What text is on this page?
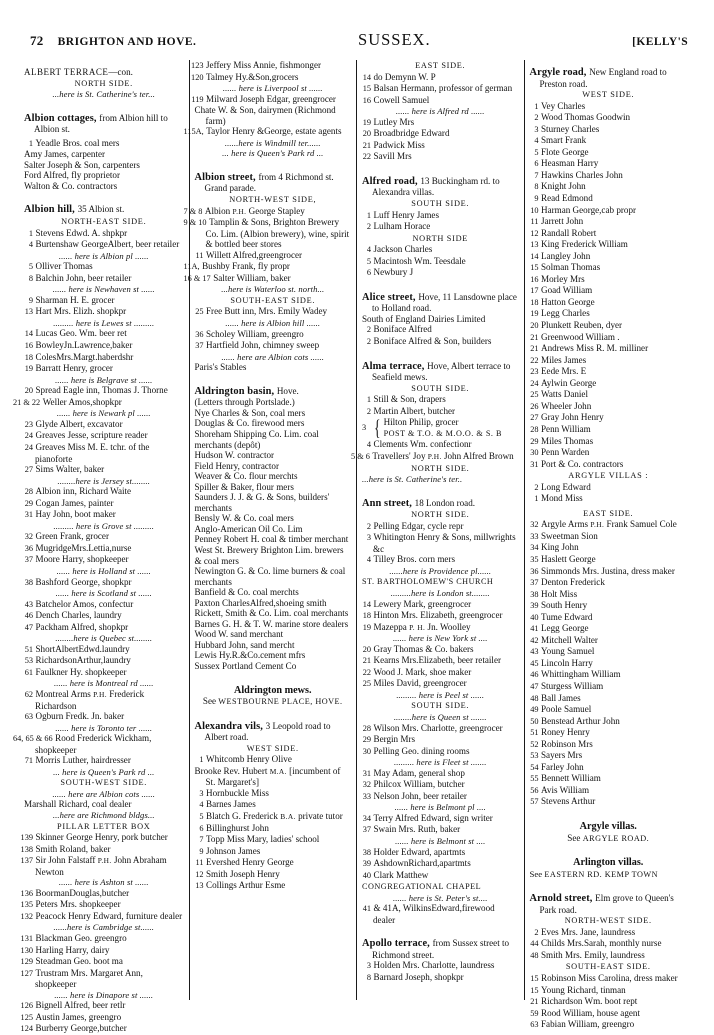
72 BRIGHTON AND HOVE.	SUSSEX.	[KELLY'S
ALBERT TERRACE—con.
NORTH SIDE.
...here is St. Catherine's ter...
Albion cottages, from Albion hill to Albion st.
1 Yeadle Bros. coal mers
Amy James, carpenter
Salter Joseph & Son, carpenters
Ford Alfred, fly proprietor
Walton & Co. contractors
Albion hill, 35 Albion st.
NORTH-EAST SIDE.
1 Stevens Edwd. A. shpkpr
4 Burtenshaw GeorgeAlbert, beer retailer
...... here is Albion pl ......
5 Olliver Thomas
8 Balchin John, beer retailer
...... here is Newhaven st ......
9 Sharman H. E. grocer
13 Hart Mrs. Elizh. shopkpr
......... here is Lewes st .........
14 Lucas Geo. Wm. beer ret
16 BowleyJn.Lawrence,baker
18 ColesMrs.Margt.haberdshr
19 Barratt Henry, grocer
...... here is Belgrave st ......
20 Spread Eagle inn, Thomas J. Thorne
21 & 22 Weller Amos,shopkpr
...... here is Newark pl ......
23 Glyde Albert, excavator
24 Greaves Jesse, scripture reader
24 Greaves Miss M. E. tchr. of the pianoforte
27 Sims Walter, baker
........here is Jersey st........
28 Albion inn, Richard Waite
29 Cogan James, painter
31 Hay John, boot maker
......... here is Grove st .........
32 Green Frank, grocer
36 MugridgeMrs.Lettia,nurse
37 Moore Harry, shopkeeper
...... here is Holland st ......
38 Bashford George, shopkpr
...... here is Scotland st ......
43 Batchelor Amos, confectur
46 Dench Charles, laundry
47 Packham Alfred, shopkpr
........here is Quebec st........
51 ShortAlbertEdwd.laundry
53 RichardsonArthur,laundry
61 Faulkner Hy. shopkeeper
...... here is Montreal rd ......
62 Montreal Arms P.H. Frederick Richardson
63 Ogburn Fredk. Jn. baker
...... here is Toronto ter ......
64, 65 & 66 Rood Frederick Wickham, shopkeeper
71 Morris Luther, hairdresser
... here is Queen's Park rd ...
SOUTH-WEST SIDE.
...... here are Albion cots ......
Marshall Richard, coal dealer
...here are Richmond bldgs...
PILLAR LETTER BOX
139 Skinner George Henry, pork butcher
138 Smith Roland, baker
137 Sir John Falstaff P.H. John Abraham Newton
...... here is Ashton st ......
136 BoormanDouglas,butcher
135 Peters Mrs. shopkeeper
132 Peacock Henry Edward, furniture dealer
......here is Cambridge st......
131 Blackman Geo. greengro
130 Harling Harry, dairy
129 Steadman Geo. boot ma
127 Trustram Mrs. Margaret Ann, shopkeeper
...... here is Dinapore st ......
126 Bignell Alfred, beer retlr
125 Austin James, greengro
124 Burberry George,butcher
123 Jeffery Miss Annie, fishmonger
120 Talmey Hy.&Son,grocers
...... here is Liverpool st ......
119 Milward Joseph Edgar, greengrocer
Chate W. & Son, dairymen (Richmond farm)
115A, Taylor Henry &George, estate agents
......here is Windmill ter......
... here is Queen's Park rd ...
Albion street, from 4 Richmond st. Grand parade.
NORTH-WEST SIDE,
7 & 8 Albion P.H. George Stapley
9 & 10 Tamplin & Sons, Brighton Brewery Co. Lim. (Albion brewery), wine, spirit & bottled beer stores
11 Willett Alfred,greengrocer
11A, Bushby Frank, fly propr
16 & 17 Salter William, baker
...here is Waterloo st. north...
SOUTH-EAST SIDE.
25 Free Butt inn, Mrs. Emily Wadey
...... here is Albion hill ......
36 Scholey William, greengro
37 Hartfield John, chimney sweep
...... here are Albion cots ......
Paris's Stables
Aldrington basin, Hove.
(Letters through Portslade.)
Nye Charles & Son, coal mers
Douglas & Co. firewood mers
Shoreham Shipping Co. Lim. coal merchants (depôt)
Hudson W. contractor
Field Henry, contractor
Weaver & Co. flour merchts
Spiller & Baker, flour mers
Saunders J. J. & G. & Sons, builders' merchants
Bensly W. & Co. coal mers
Anglo-American Oil Co. Lim
Penney Robert H. coal & timber merchant
West St. Brewery Brighton Lim. brewers & coal mers
Newington G. & Co. lime burners & coal merchants
Banfield & Co. coal merchts
Paxton CharlesAlfred,shoeing smith
Rickett, Smith & Co. Lim. coal merchants
Barnes G. H. & T. W. marine store dealers
Wood W. sand merchant
Hubbard John, sand mercht
Lewis Hy.R.&Co.cement mfrs
Sussex Portland Cement Co
Aldrington mews.
See WESTBOURNE PLACE, HOVE.
Alexandra vils, 3 Leopold road to Albert road.
WEST SIDE.
1 Whitcomb Henry Olive
Brooke Rev. Hubert M.A. [incumbent of St. Margaret's]
3 Hornbuckle Miss
4 Barnes James
5 Blatch G. Frederick B.A. private tutor
6 Billinghurst John
7 Topp Miss Mary, ladies' school
9 Johnson James
11 Evershed Henry George
12 Smith Joseph Henry
13 Collings Arthur Esme
EAST SIDE.
14 do Demynn W. P
15 Balsan Hermann, professor of german
16 Cowell Samuel
...... here is Alfred rd ......
19 Lutley Mrs
20 Broadbridge Edward
21 Padwick Miss
22 Savill Mrs
Alfred road, 13 Buckingham rd. to Alexandra villas.
SOUTH SIDE.
1 Luff Henry James
2 Lulham Horace
NORTH SIDE
4 Jackson Charles
5 Macintosh Wm. Teesdale
6 Newbury J
Alice street, Hove, 11 Lansdowne place to Holland road.
South of England Dairies Limited
2 Boniface Alfred
2 Boniface Alfred & Son, builders
Alma terrace, Hove, Albert terrace to Seafield mews.
SOUTH SIDE.
1 Still & Son, drapers
2 Martin Albert, butcher
3 { Hilton Philip, grocer
POST & T.O. & M.O.O. & S. B
4 Clements Wm. confectionr
5 & 6 Travellers' Joy P.H. John Alfred Brown
NORTH SIDE.
...here is St. Catherine's ter..
Ann street, 18 London road.
NORTH SIDE.
2 Pelling Edgar, cycle repr
3 Whitington Henry & Sons, millwrights &c
4 Tilley Bros. corn mers
......here is Providence pl......
ST. BARTHOLOMEW'S CHURCH
.........here is London st........
14 Lewery Mark, greengrocer
18 Hinton Mrs. Elizabeth, greengrocer
19 Mazeppa P. H. Jn. Woolley
...... here is New York st ....
20 Gray Thomas & Co. bakers
21 Kearns Mrs.Elizabeth, beer retailer
22 Wood J. Mark, shoe maker
25 Miles David, greengrocer
......... here is Peel st ......
SOUTH SIDE.
........here is Queen st .......
28 Wilson Mrs. Charlotte, greengrocer
29 Bergin Mrs
30 Pelling Geo. dining rooms
......... here is Fleet st .......
31 May Adam, general shop
32 Philcox William, butcher
33 Nelson John, beer retailer
...... here is Belmont pl ....
34 Terry Alfred Edward, sign writer
37 Swain Mrs. Ruth, baker
...... here is Belmont st ....
38 Holder Edward, apartmts
39 AshdownRichard,apartmts
40 Clark Matthew
CONGREGATIONAL CHAPEL
...... here is St. Peter's st....
41 & 41A, WilkinsEdward,firewood dealer
Apollo terrace, from Sussex street to Richmond street.
3 Holden Mrs. Charlotte, laundress
8 Barnard Joseph, shopkpr
Argyle road, New England road to Preston road.
WEST SIDE.
1 Vey Charles
2 Wood Thomas Goodwin
3 Sturney Charles
4 Smart Frank
5 Flote George
6 Heasman Harry
7 Hawkins Charles John
8 Knight John
9 Read Edmond
10 Harman George,cab propr
11 Jarrett John
12 Randall Robert
13 King Frederick William
14 Langley John
15 Solman Thomas
16 Morley Mrs
17 Goad William
18 Hatton George
19 Legg Charles
20 Plunkett Reuben, dyer
21 Greenwood William .
21 Andrews Miss R. M. milliner
22 Miles James
23 Eede Mrs. E
24 Aylwin George
25 Watts Daniel
26 Wheeler John
27 Gray John Henry
28 Penn William
29 Miles Thomas
30 Penn Warden
31 Port & Co. contractors
ARGYLE VILLAS :
2 Long Edward
1 Mond Miss
EAST SIDE.
32 Argyle Arms P.H. Frank Samuel Cole
33 Sweetman Sion
34 King John
35 Haslett George
36 Simmonds Mrs. Justina, dress maker
37 Denton Frederick
38 Holt Miss
39 South Henry
40 Tume Edward
41 Legg George
42 Mitchell Walter
43 Young Samuel
45 Lincoln Harry
46 Whittingham William
47 Sturgess William
48 Ball James
49 Poole Samuel
50 Benstead Arthur John
51 Roney Henry
52 Robinson Mrs
53 Sayers Mrs
54 Farley John
55 Bennett William
56 Avis William
57 Stevens Arthur
Argyle villas.
See ARGYLE ROAD.
Arlington villas.
See EASTERN RD. KEMP TOWN
Arnold street, Elm grove to Queen's Park road.
NORTH-WEST SIDE.
2 Eves Mrs. Jane, laundress
44 Childs Mrs.Sarah, monthly nurse
48 Smith Mrs. Emily, laundress
SOUTH-EAST SIDE.
15 Robinson Miss Carolina, dress maker
15 Young Richard, tinman
21 Richardson Wm. boot rept
59 Rood William, house agent
63 Fabian William, greengro
